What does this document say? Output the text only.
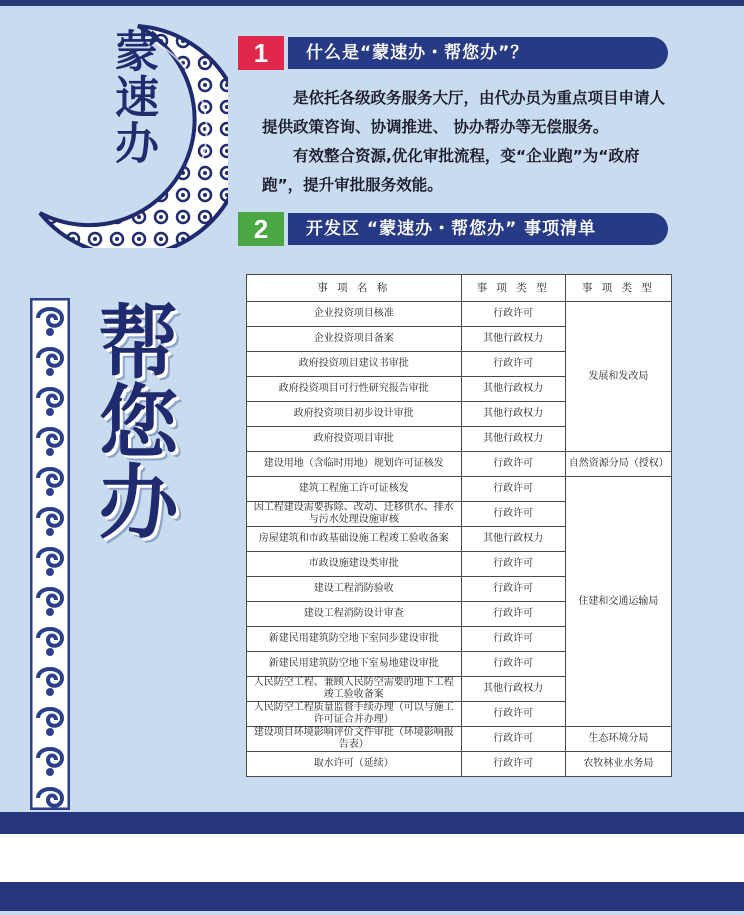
蒙速办
帮您办
1	什么是“蒙速办・帮您办”？

是依托各级政务服务大厅，由代办员为重点项目申请人提供政策咨询、协调推进、 协办帮办等无偿服务。

有效整合资源,优化审批流程，变“企业跑”为“政府跑”，提升审批服务效能。

2	开发区 “蒙速办・帮您办” 事项清单
事 项 名 称	事 项 类 型	事 项 类 型
企业投资项目核准	行政许可	发展和发改局
企业投资项目备案	其他行政权力	
政府投资项目建议书审批	行政许可	
政府投资项目可行性研究报告审批	其他行政权力	
政府投资项目初步设计审批	其他行政权力	
政府投资项目审批	其他行政权力	
建设用地（含临时用地）规划许可证核发	行政许可	自然资源分局（授权）
建筑工程施工许可证核发	行政许可	住建和交通运输局
因工程建设需要拆除、改动、迁移供水、排水与污水处理设施审核	行政许可	
房屋建筑和市政基础设施工程竣工验收备案	其他行政权力	
市政设施建设类审批	行政许可	
建设工程消防验收	行政许可	
建设工程消防设计审查	行政许可	
新建民用建筑防空地下室同步建设审批	行政许可	
新建民用建筑防空地下室易地建设审批	行政许可	
人民防空工程、兼顾人民防空需要的地下工程竣工验收备案	其他行政权力	
人民防空工程质量监督手续办理（可以与施工许可证合并办理）	行政许可	
建设项目环境影响评价文件审批（环境影响报告表）	行政许可	生态环境分局
取水许可（延续）	行政许可	农牧林业水务局
